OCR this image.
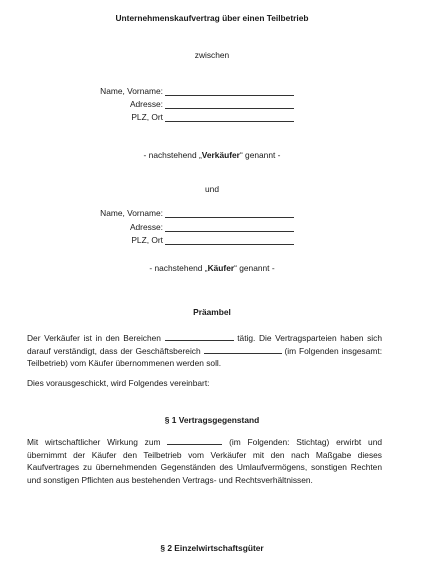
Unternehmenskaufvertrag über einen Teilbetrieb
zwischen
Name, Vorname:
Adresse:
PLZ, Ort
- nachstehend „Verkäufer“ genannt -
und
Name, Vorname:
Adresse:
PLZ, Ort
- nachstehend „Käufer“ genannt -
Präambel
Der Verkäufer ist in den Bereichen	tätig. Die Vertragsparteien haben sich darauf verständigt, dass der Geschäftsbereich	(im Folgenden insgesamt: Teilbetrieb) vom Käufer übernommenen werden soll.
Dies vorausgeschickt, wird Folgendes vereinbart:
§ 1 Vertragsgegenstand
Mit wirtschaftlicher Wirkung zum	(im Folgenden: Stichtag) erwirbt und übernimmt der Käufer den Teilbetrieb vom Verkäufer mit den nach Maßgabe dieses Kaufvertrages zu übernehmenden Gegenständen des Umlaufvermögens, sonstigen Rechten und sonstigen Pflichten aus bestehenden Vertrags- und Rechtsverhältnissen.
§ 2 Einzelwirtschaftsgüter
